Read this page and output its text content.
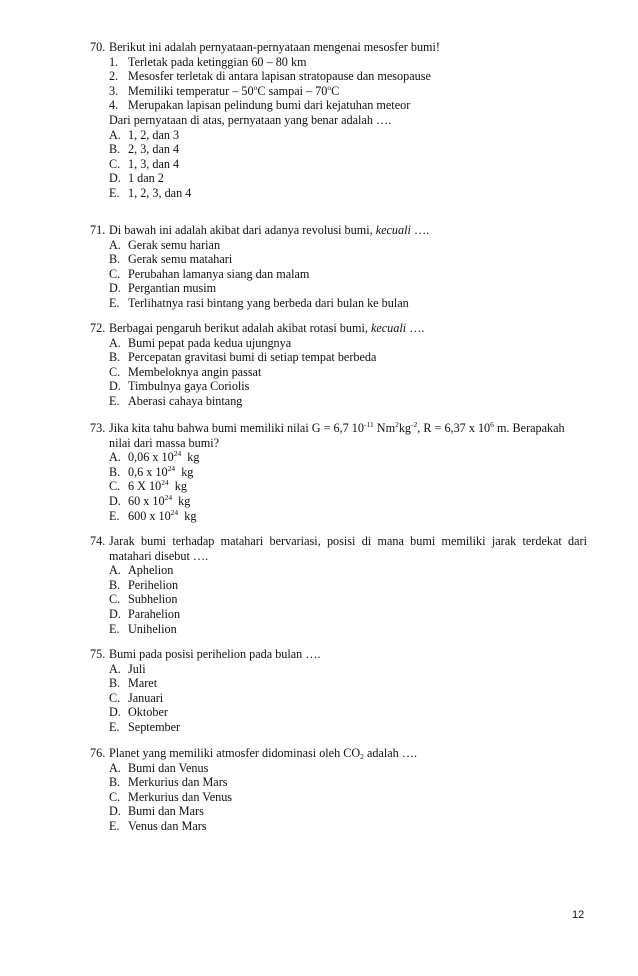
70. Berikut ini adalah pernyataan-pernyataan mengenai mesosfer bumi!
1. Terletak pada ketinggian 60 – 80 km
2. Mesosfer terletak di antara lapisan stratopause dan mesopause
3. Memiliki temperatur – 50$^o$C sampai – 70$^o$C
4. Merupakan lapisan pelindung bumi dari kejatuhan meteor
Dari pernyataan di atas, pernyataan yang benar adalah ….
A. 1, 2, dan 3
B. 2, 3, dan 4
C. 1, 3, dan 4
D. 1 dan 2
E. 1, 2, 3, dan 4
71. Di bawah ini adalah akibat dari adanya revolusi bumi, kecuali ….
A. Gerak semu harian
B. Gerak semu matahari
C. Perubahan lamanya siang dan malam
D. Pergantian musim
E. Terlihatnya rasi bintang yang berbeda dari bulan ke bulan
72. Berbagai pengaruh berikut adalah akibat rotasi bumi, kecuali ….
A. Bumi pepat pada kedua ujungnya
B. Percepatan gravitasi bumi di setiap tempat berbeda
C. Membeloknya angin passat
D. Timbulnya gaya Coriolis
E. Aberasi cahaya bintang
73. Jika kita tahu bahwa bumi memiliki nilai G = 6,7 $10^{-11}$ $Nm^2kg^{-2}$, R = 6,37 x $10^6$ m. Berapakah
nilai dari massa bumi?
A. 0,06 x $10^{24}$  kg
B. 0,6 x $10^{24}$  kg
C. 6 X $10^{24}$  kg
D. 60 x $10^{24}$  kg
E. 600 x $10^{24}$  kg
74. Jarak bumi terhadap matahari bervariasi, posisi di mana bumi memiliki jarak terdekat dari matahari disebut ….
A. Aphelion
B. Perihelion
C. Subhelion
D. Parahelion
E. Unihelion
75. Bumi pada posisi perihelion pada bulan ….
A. Juli
B. Maret
C. Januari
D. Oktober
E. September
76. Planet yang memiliki atmosfer didominasi oleh $CO_2$ adalah ….
A. Bumi dan Venus
B. Merkurius dan Mars
C. Merkurius dan Venus
D. Bumi dan Mars
E. Venus dan Mars
12
